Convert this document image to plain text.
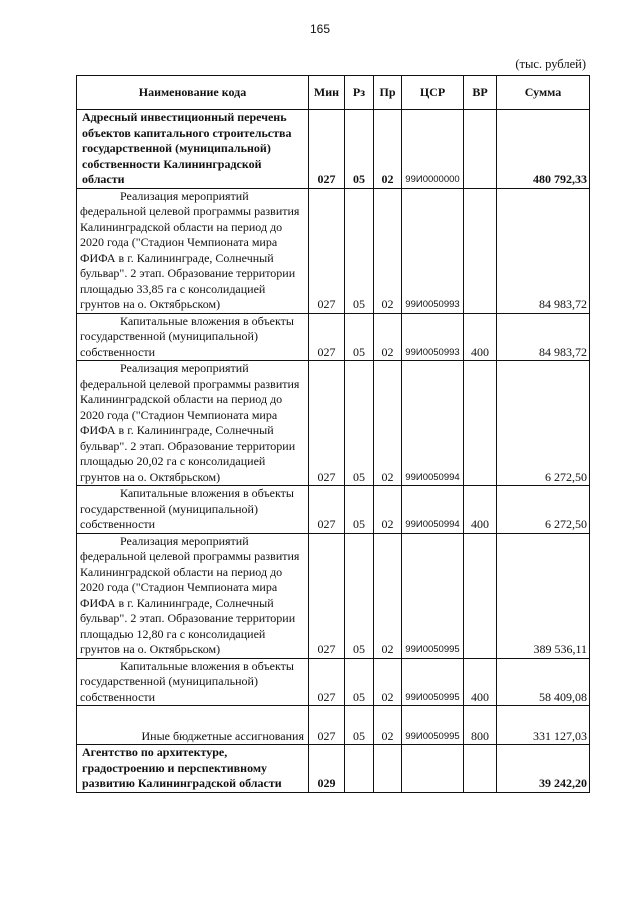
165
(тыс. рублей)
Наименование кода	Мин	Рз	Пр	ЦСР	ВР	Сумма
Адресный инвестиционный перечень объектов капитального строительства государственной (муниципальной) собственности Калининградской области	027	05	02	99И0000000		480 792,33
Реализация мероприятий федеральной целевой программы развития Калининградской области на период до 2020 года ("Стадион Чемпионата мира ФИФА в г. Калининграде, Солнечный бульвар". 2 этап. Образование территории площадью 33,85 га с консолидацией грунтов на о. Октябрьском)	027	05	02	99И0050993		84 983,72
Капитальные вложения в объекты государственной (муниципальной) собственности	027	05	02	99И0050993	400	84 983,72
Реализация мероприятий федеральной целевой программы развития Калининградской области на период до 2020 года ("Стадион Чемпионата мира ФИФА в г. Калининграде, Солнечный бульвар". 2 этап. Образование территории площадью 20,02 га с консолидацией грунтов на о. Октябрьском)	027	05	02	99И0050994		6 272,50
Капитальные вложения в объекты государственной (муниципальной) собственности	027	05	02	99И0050994	400	6 272,50
Реализация мероприятий федеральной целевой программы развития Калининградской области на период до 2020 года ("Стадион Чемпионата мира ФИФА в г. Калининграде, Солнечный бульвар". 2 этап. Образование территории площадью 12,80 га с консолидацией грунтов на о. Октябрьском)	027	05	02	99И0050995		389 536,11
Капитальные вложения в объекты государственной (муниципальной) собственности	027	05	02	99И0050995	400	58 409,08
Иные бюджетные ассигнования	027	05	02	99И0050995	800	331 127,03
Агентство по архитектуре, градостроению и перспективному развитию Калининградской области	029					39 242,20
